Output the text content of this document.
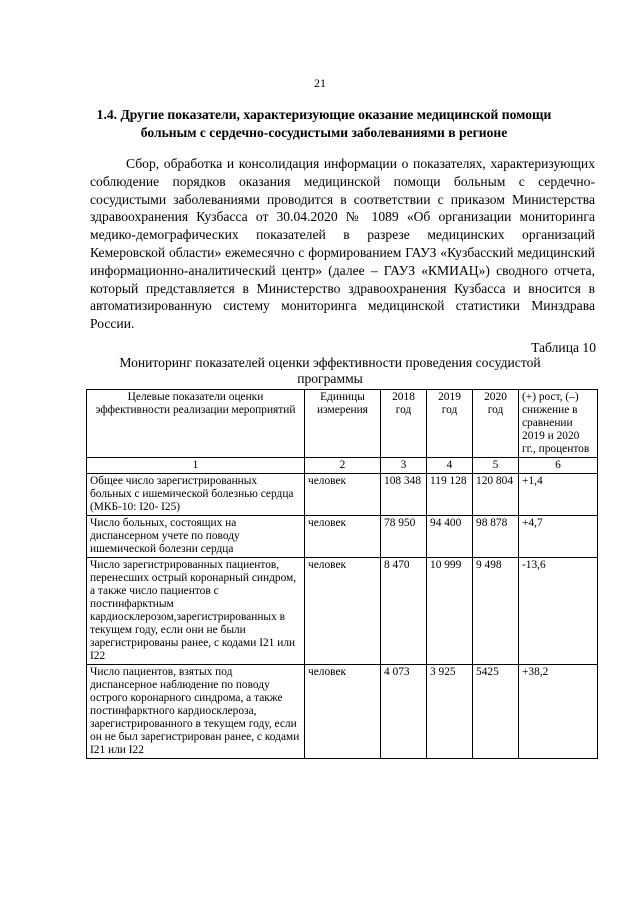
21
1.4. Другие показатели, характеризующие оказание медицинской помощи больным с сердечно-сосудистыми заболеваниями в регионе

Сбор, обработка и консолидация информации о показателях, характеризующих соблюдение порядков оказания медицинской помощи больным с сердечно-сосудистыми заболеваниями проводится в соответствии с приказом Министерства здравоохранения Кузбасса от 30.04.2020 № 1089 «Об организации мониторинга медико-демографических показателей в разрезе медицинских организаций Кемеровской области» ежемесячно с формированием ГАУЗ «Кузбасский медицинский информационно-аналитический центр» (далее – ГАУЗ «КМИАЦ») сводного отчета, который представляется в Министерство здравоохранения Кузбасса и вносится в автоматизированную систему мониторинга медицинской статистики Минздрава России.

Таблица 10
Мониторинг показателей оценки эффективности проведения сосудистой программы
Целевые показатели оценки эффективности реализации мероприятий	Единицы измерения	2018 год	2019 год	2020 год	(+) рост, (–) снижение в сравнении 2019 и 2020 гг., процентов
1	2	3	4	5	6
Общее число зарегистрированных больных с ишемической болезнью сердца (МКБ-10: I20- I25)	человек	108 348	119 128	120 804	+1,4
Число больных, состоящих на диспансерном учете по поводу ишемической болезни сердца	человек	78 950	94 400	98 878	+4,7
Число зарегистрированных пациентов, перенесших острый коронарный синдром, а также число пациентов с постинфарктным кардиосклерозом,зарегистрированных в текущем году, если они не были зарегистрированы ранее, с кодами I21 или I22	человек	8 470	10 999	9 498	-13,6
Число пациентов, взятых под диспансерное наблюдение по поводу острого коронарного синдрома, а также постинфарктного кардиосклероза, зарегистрированного в текущем году, если он не был зарегистрирован ранее, с кодами I21 или I22	человек	4 073	3 925	5425	+38,2
